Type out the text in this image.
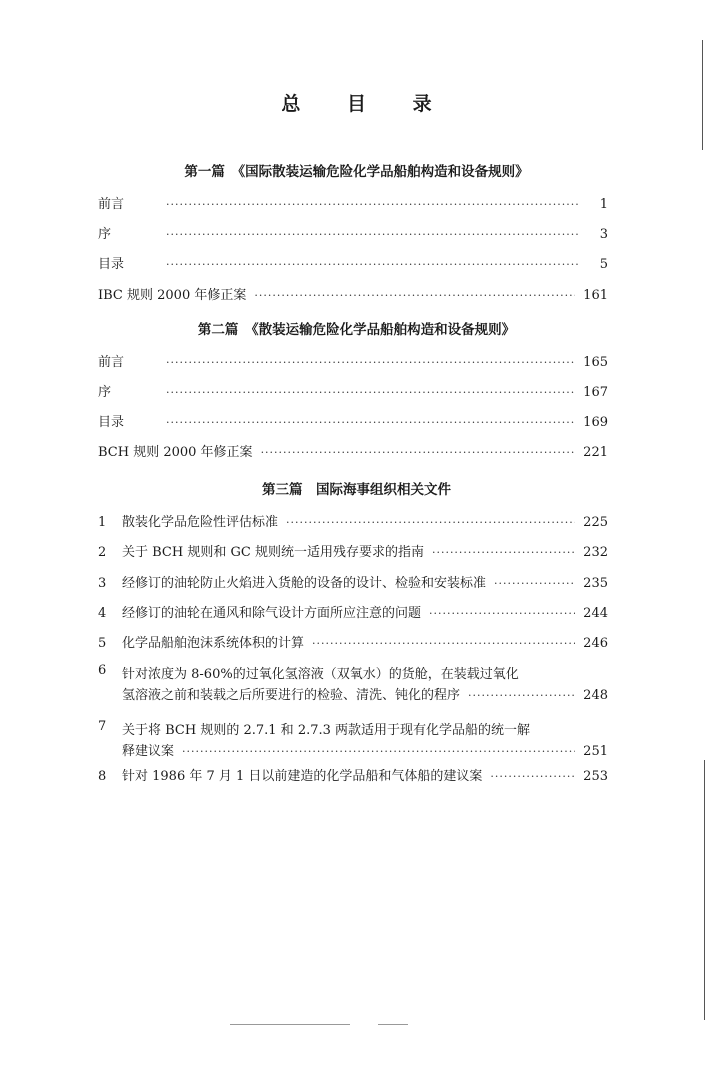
总 目 录
第一篇　《国际散装运输危险化学品船舶构造和设备规则》
前言 ·····	1
序 ·····	3
目录 ·····	5
IBC 规则 2000 年修正案 ·····	161
第二篇　《散装运输危险化学品船舶构造和设备规则》
前言 ·····	165
序 ·····	167
目录 ·····	169
BCH 规则 2000 年修正案 ·····	221
第三篇　国际海事组织相关文件
1	散装化学品危险性评估标准 ·····	225
2	关于 BCH 规则和 GC 规则统一适用残存要求的指南 ·····	232
3	经修订的油轮防止火焰进入货舱的设备的设计、检验和安装标准 ·····	235
4	经修订的油轮在通风和除气设计方面所应注意的问题 ·····	244
5	化学品船舶泡沫系统体积的计算 ·····	246
6	针对浓度为 8-60%的过氧化氢溶液（双氧水）的货舱，在装载过氧化
氢溶液之前和装载之后所要进行的检验、清洗、钝化的程序 ·····	248
7	关于将 BCH 规则的 2.7.1 和 2.7.3 两款适用于现有化学品船的统一解
释建议案 ·····	251
8	针对 1986 年 7 月 1 日以前建造的化学品船和气体船的建议案 ·····	253
